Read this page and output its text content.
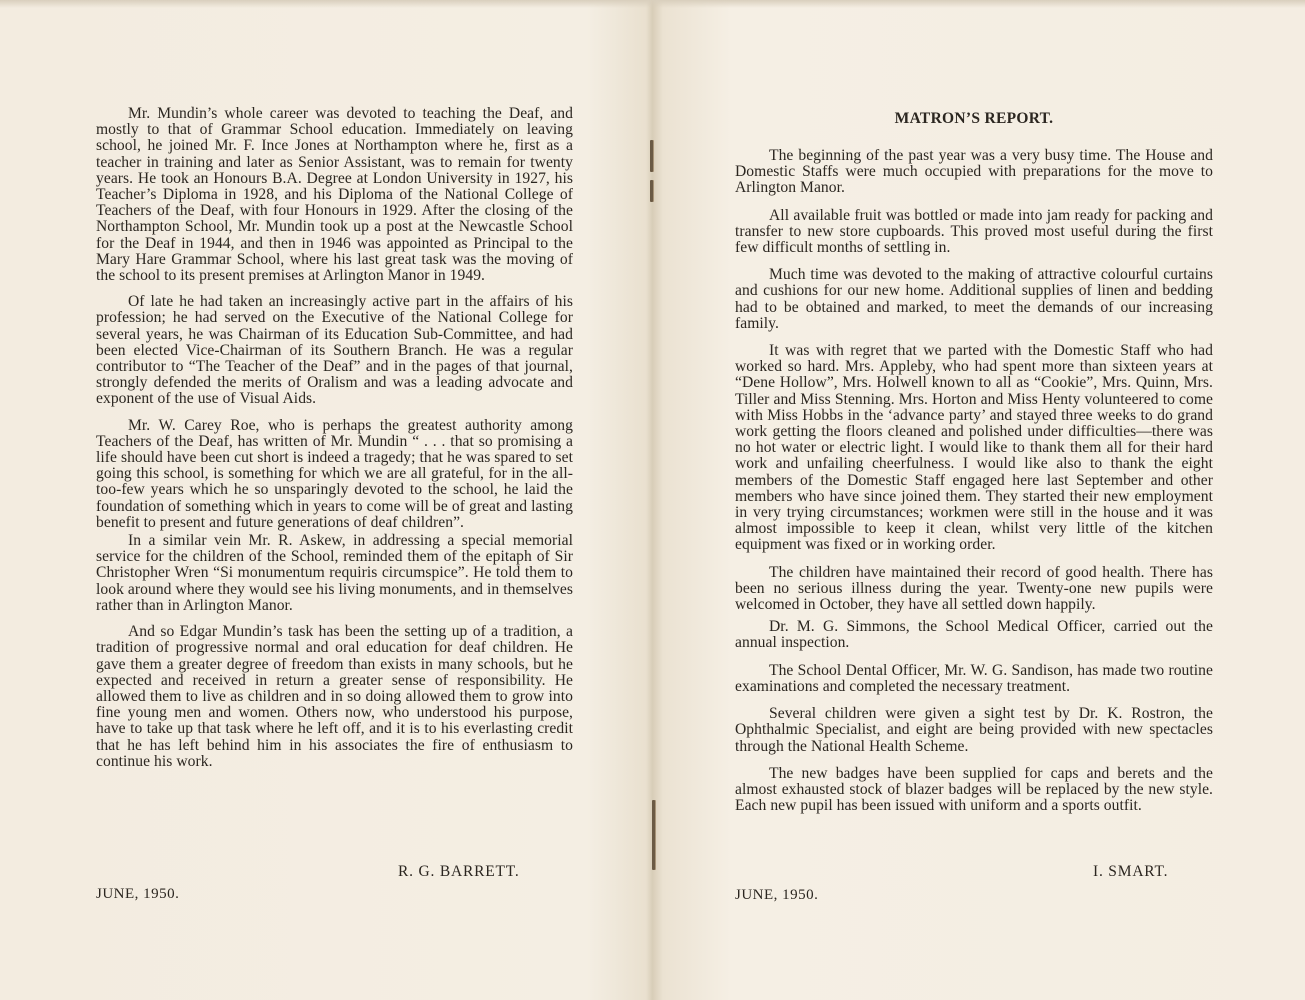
Mr. Mundin’s whole career was devoted to teaching the Deaf, and mostly to that of Grammar School education. Immediately on leaving school, he joined Mr. F. Ince Jones at Northampton where he, first as a teacher in training and later as Senior Assistant, was to remain for twenty years. He took an Honours B.A. Degree at London University in 1927, his Teacher’s Diploma in 1928, and his Diploma of the National College of Teachers of the Deaf, with four Honours in 1929. After the closing of the Northampton School, Mr. Mundin took up a post at the Newcastle School for the Deaf in 1944, and then in 1946 was appointed as Principal to the Mary Hare Grammar School, where his last great task was the moving of the school to its present premises at Arlington Manor in 1949.

Of late he had taken an increasingly active part in the affairs of his profession; he had served on the Executive of the National College for several years, he was Chairman of its Education Sub-Committee, and had been elected Vice-Chairman of its Southern Branch. He was a regular contributor to “The Teacher of the Deaf” and in the pages of that journal, strongly defended the merits of Oralism and was a leading advocate and exponent of the use of Visual Aids.

Mr. W. Carey Roe, who is perhaps the greatest authority among Teachers of the Deaf, has written of Mr. Mundin “ . . . that so promising a life should have been cut short is indeed a tragedy; that he was spared to set going this school, is something for which we are all grateful, for in the all-too-few years which he so unsparingly devoted to the school, he laid the foundation of something which in years to come will be of great and lasting benefit to present and future generations of deaf children”.

In a similar vein Mr. R. Askew, in addressing a special memorial service for the children of the School, reminded them of the epitaph of Sir Christopher Wren “Si monumentum requiris circumspice”. He told them to look around where they would see his living monuments, and in themselves rather than in Arlington Manor.

And so Edgar Mundin’s task has been the setting up of a tradition, a tradition of progressive normal and oral education for deaf children. He gave them a greater degree of freedom than exists in many schools, but he expected and received in return a greater sense of responsibility. He allowed them to live as children and in so doing allowed them to grow into fine young men and women. Others now, who understood his purpose, have to take up that task where he left off, and it is to his everlasting credit that he has left behind him in his associates the fire of enthusiasm to continue his work.

R. G. BARRETT.
JUNE, 1950.
MATRON’S REPORT.

The beginning of the past year was a very busy time. The House and Domestic Staffs were much occupied with preparations for the move to Arlington Manor.

All available fruit was bottled or made into jam ready for packing and transfer to new store cupboards. This proved most useful during the first few difficult months of settling in.

Much time was devoted to the making of attractive colourful curtains and cushions for our new home. Additional supplies of linen and bedding had to be obtained and marked, to meet the demands of our increasing family.

It was with regret that we parted with the Domestic Staff who had worked so hard. Mrs. Appleby, who had spent more than sixteen years at “Dene Hollow”, Mrs. Holwell known to all as “Cookie”, Mrs. Quinn, Mrs. Tiller and Miss Stenning. Mrs. Horton and Miss Henty volunteered to come with Miss Hobbs in the ‘advance party’ and stayed three weeks to do grand work getting the floors cleaned and polished under difficulties—there was no hot water or electric light. I would like to thank them all for their hard work and unfailing cheerfulness. I would like also to thank the eight members of the Domestic Staff engaged here last September and other members who have since joined them. They started their new employment in very trying circumstances; workmen were still in the house and it was almost impossible to keep it clean, whilst very little of the kitchen equipment was fixed or in working order.

The children have maintained their record of good health. There has been no serious illness during the year. Twenty-one new pupils were welcomed in October, they have all settled down happily.

Dr. M. G. Simmons, the School Medical Officer, carried out the annual inspection.

The School Dental Officer, Mr. W. G. Sandison, has made two routine examinations and completed the necessary treatment.

Several children were given a sight test by Dr. K. Rostron, the Ophthalmic Specialist, and eight are being provided with new spectacles through the National Health Scheme.

The new badges have been supplied for caps and berets and the almost exhausted stock of blazer badges will be replaced by the new style. Each new pupil has been issued with uniform and a sports outfit.

I. SMART.
JUNE, 1950.
